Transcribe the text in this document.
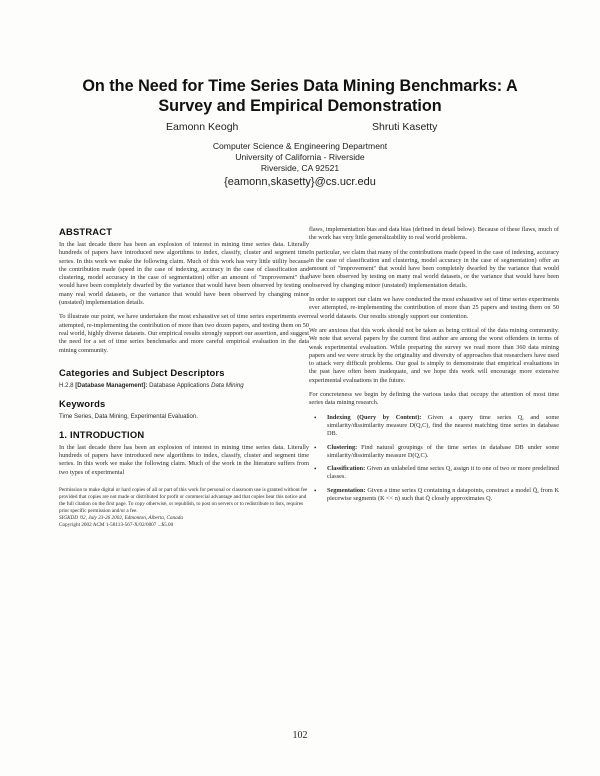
On the Need for Time Series Data Mining Benchmarks: A
Survey and Empirical Demonstration
Eamonn Keogh	Shruti Kasetty
Computer Science & Engineering Department
University of California - Riverside
Riverside, CA 92521
{eamonn,skasetty}@cs.ucr.edu
ABSTRACT

In the last decade there has been an explosion of interest in mining time series data. Literally hundreds of papers have introduced new algorithms to index, classify, cluster and segment time series. In this work we make the following claim. Much of this work has very little utility because the contribution made (speed in the case of indexing, accuracy in the case of classification and clustering, model accuracy in the case of segmentation) offer an amount of "improvement" that would have been completely dwarfed by the variance that would have been observed by testing on many real world datasets, or the variance that would have been observed by changing minor (unstated) implementation details.

To illustrate our point, we have undertaken the most exhaustive set of time series experiments ever attempted, re-implementing the contribution of more than two dozen papers, and testing them on 50 real world, highly diverse datasets. Our empirical results strongly support our assertion, and suggest the need for a set of time series benchmarks and more careful empirical evaluation in the data mining community.

Categories and Subject Descriptors
H.2.8 [Database Management]: Database Applications Data Mining
Keywords
Time Series, Data Mining, Experimental Evaluation.
1. INTRODUCTION

In the last decade there has been an explosion of interest in mining time series data. Literally hundreds of papers have introduced new algorithms to index, classify, cluster and segment time series. In this work we make the following claim. Much of the work in the literature suffers from two types of experimental

Permission to make digital or hard copies of all or part of this work for personal or classroom use is granted without fee provided that copies are not made or distributed for profit or commercial advantage and that copies bear this notice and the full citation on the first page. To copy otherwise, or republish, to post on servers or to redistribute to lists, requires prior specific permission and/or a fee.
SIGKDD '02, July 23-26 2002, Edmonton, Alberta, Canada
Copyright 2002 ACM 1-58113-567-X/02/0007 ...$5.00

flaws, implementation bias and data bias (defined in detail below). Because of these flaws, much of the work has very little generalizability to real world problems.

In particular, we claim that many of the contributions made (speed in the case of indexing, accuracy in the case of classification and clustering, model accuracy in the case of segmentation) offer an amount of "improvement" that would have been completely dwarfed by the variance that would have been observed by testing on many real world datasets, or the variance that would have been observed by changing minor (unstated) implementation details.

In order to support our claim we have conducted the most exhaustive set of time series experiments ever attempted, re-implementing the contribution of more than 25 papers and testing them on 50 real world datasets. Our results strongly support our contention.

We are anxious that this work should not be taken as being critical of the data mining community. We note that several papers by the current first author are among the worst offenders in terms of weak experimental evaluation. While preparing the survey we read more than 360 data mining papers and we were struck by the originality and diversity of approaches that researchers have used to attack very difficult problems. Our goal is simply to demonstrate that empirical evaluations in the past have often been inadequate, and we hope this work will encourage more extensive experimental evaluations in the future.

For concreteness we begin by defining the various tasks that occupy the attention of most time series data mining research.

• Indexing (Query by Content): Given a query time series Q, and some similarity/dissimilarity measure D(Q,C), find the nearest matching time series in database DB.
• Clustering: Find natural groupings of the time series in database DB under some similarity/dissimilarity measure D(Q,C).
• Classification: Given an unlabeled time series Q, assign it to one of two or more predefined classes.
• Segmentation: Given a time series Q containing n datapoints, construct a model Q̄, from K piecewise segments (K << n) such that Q̄ closely approximates Q.
102
